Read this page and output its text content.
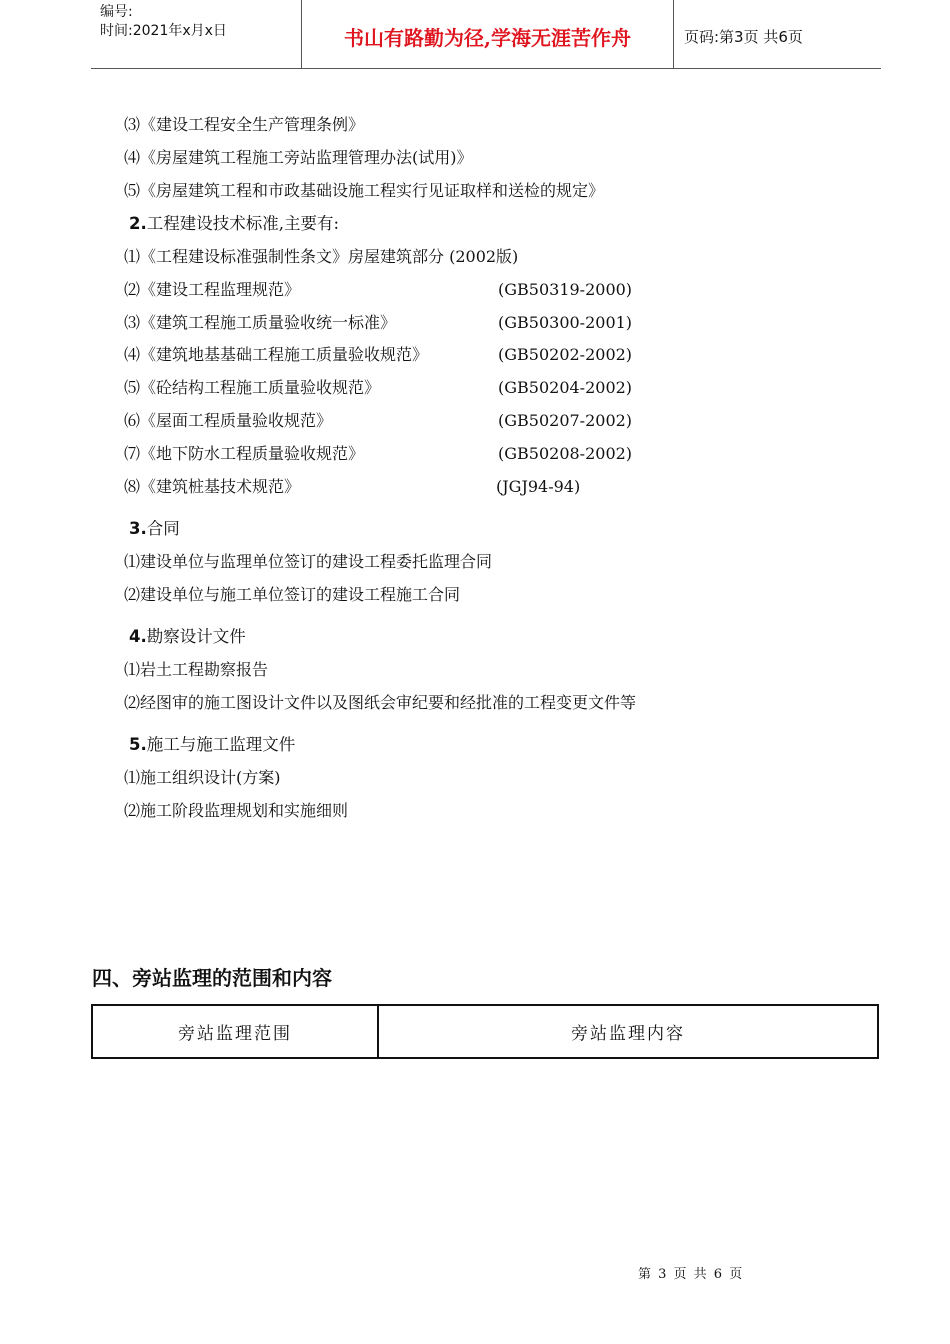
编号:
时间:2021年x月x日	书山有路勤为径,学海无涯苦作舟	页码:第3页 共6页
⑶《建设工程安全生产管理条例》
⑷《房屋建筑工程施工旁站监理管理办法(试用)》
⑸《房屋建筑工程和市政基础设施工程实行见证取样和送检的规定》
2.工程建设技术标准,主要有:
⑴《工程建设标准强制性条文》房屋建筑部分 (2002版)
⑵《建设工程监理规范》	(GB50319-2000)
⑶《建筑工程施工质量验收统一标准》	(GB50300-2001)
⑷《建筑地基基础工程施工质量验收规范》	(GB50202-2002)
⑸《砼结构工程施工质量验收规范》	(GB50204-2002)
⑹《屋面工程质量验收规范》	(GB50207-2002)
⑺《地下防水工程质量验收规范》	(GB50208-2002)
⑻《建筑桩基技术规范》	(JGJ94-94)
3.合同
⑴建设单位与监理单位签订的建设工程委托监理合同
⑵建设单位与施工单位签订的建设工程施工合同
4.勘察设计文件
⑴岩土工程勘察报告
⑵经图审的施工图设计文件以及图纸会审纪要和经批准的工程变更文件等
5.施工与施工监理文件
⑴施工组织设计(方案)
⑵施工阶段监理规划和实施细则
四、旁站监理的范围和内容
旁站监理范围	旁站监理内容
第 3 页 共 6 页
